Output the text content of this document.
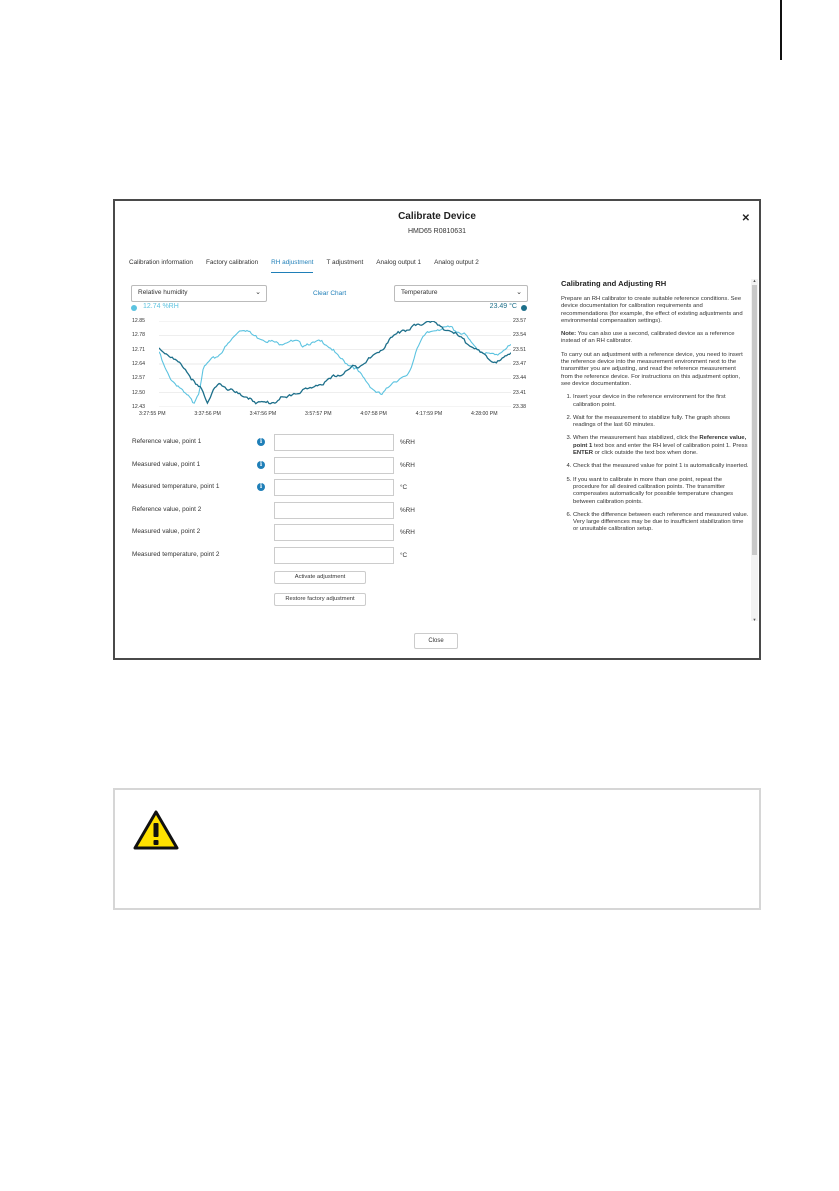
Calibrate Device
HMD65 R0810631
✕
Calibration information Factory calibration RH adjustment T adjustment Analog output 1 Analog output 2
Relative humidity	⌄	Clear Chart	Temperature	⌄
12.74 %RH	23.49 °C
12.85
12.78
12.71
12.64
12.57
12.50
12.43
23.57
23.54
23.51
23.47
23.44
23.41
23.38
3:27:55 PM	3:37:56 PM	3:47:56 PM	3:57:57 PM	4:07:58 PM	4:17:59 PM	4:28:00 PM
Reference value, point 1	i	%RH
Measured value, point 1	i	%RH
Measured temperature, point 1	i	°C
Reference value, point 2	%RH
Measured value, point 2	%RH
Measured temperature, point 2	°C
Activate adjustment
Restore factory adjustment
Calibrating and Adjusting RH

Prepare an RH calibrator to create suitable reference conditions. See device documentation for calibration requirements and recommendations (for example, the effect of existing adjustments and environmental compensation settings).

Note: You can also use a second, calibrated device as a reference instead of an RH calibrator.

To carry out an adjustment with a reference device, you need to insert the reference device into the measurement environment next to the transmitter you are adjusting, and read the reference measurement from the reference device. For instructions on this adjustment option, see device documentation.

1. Insert your device in the reference environment for the first calibration point.
2. Wait for the measurement to stabilize fully. The graph shows readings of the last 60 minutes.
3. When the measurement has stabilized, click the Reference value, point 1 text box and enter the RH level of calibration point 1. Press ENTER or click outside the text box when done.
4. Check that the measured value for point 1 is automatically inserted.
5. If you want to calibrate in more than one point, repeat the procedure for all desired calibration points. The transmitter compensates automatically for possible temperature changes between calibration points.
6. Check the difference between each reference and measured value. Very large differences may be due to insufficient stabilization time or unsuitable calibration setup.
▲
▼
Close
